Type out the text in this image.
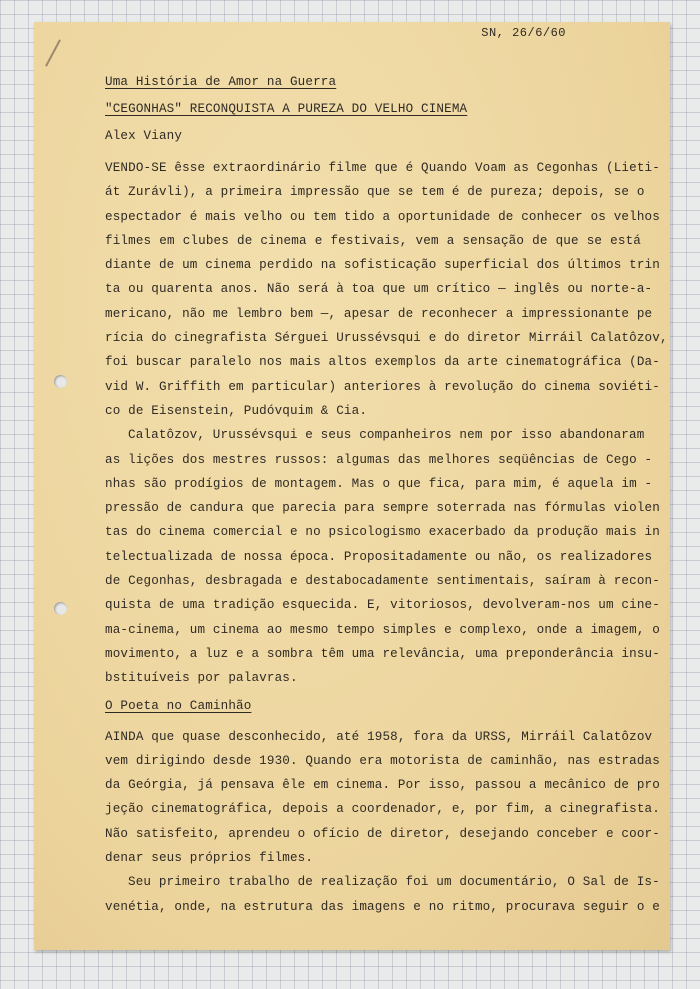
SN, 26/6/60

Uma História de Amor na Guerra

"CEGONHAS" RECONQUISTA A PUREZA DO VELHO CINEMA

Alex Viany

VENDO-SE êsse extraordinário filme que é Quando Voam as Cegonhas (Lieti-
át Zurávli), a primeira impressão que se tem é de pureza; depois, se o
espectador é mais velho ou tem tido a oportunidade de conhecer os velhos
filmes em clubes de cinema e festivais, vem a sensação de que se está
diante de um cinema perdido na sofisticação superficial dos últimos trin
ta ou quarenta anos. Não será à toa que um crítico — inglês ou norte-a-
mericano, não me lembro bem —, apesar de reconhecer a impressionante pe
rícia do cinegrafista Sérguei Urussévsqui e do diretor Mirráil Calatôzov,
foi buscar paralelo nos mais altos exemplos da arte cinematográfica (Da-
vid W. Griffith em particular) anteriores à revolução do cinema soviéti-
co de Eisenstein, Pudóvquim & Cia.
Calatôzov, Urussévsqui e seus companheiros nem por isso abandonaram
as lições dos mestres russos: algumas das melhores seqüências de Cego -
nhas são prodígios de montagem. Mas o que fica, para mim, é aquela im -
pressão de candura que parecia para sempre soterrada nas fórmulas violen
tas do cinema comercial e no psicologismo exacerbado da produção mais in
telectualizada de nossa época. Propositadamente ou não, os realizadores
de Cegonhas, desbragada e destabocadamente sentimentais, saíram à recon-
quista de uma tradição esquecida. E, vitoriosos, devolveram-nos um cine-
ma-cinema, um cinema ao mesmo tempo simples e complexo, onde a imagem, o
movimento, a luz e a sombra têm uma relevância, uma preponderância insu-
bstituíveis por palavras.

O Poeta no Caminhão

AINDA que quase desconhecido, até 1958, fora da URSS, Mirráil Calatôzov
vem dirigindo desde 1930. Quando era motorista de caminhão, nas estradas
da Geórgia, já pensava êle em cinema. Por isso, passou a mecânico de pro
jeção cinematográfica, depois a coordenador, e, por fim, a cinegrafista.
Não satisfeito, aprendeu o ofício de diretor, desejando conceber e coor-
denar seus próprios filmes.
Seu primeiro trabalho de realização foi um documentário, O Sal de Is-
venétia, onde, na estrutura das imagens e no ritmo, procurava seguir o e
